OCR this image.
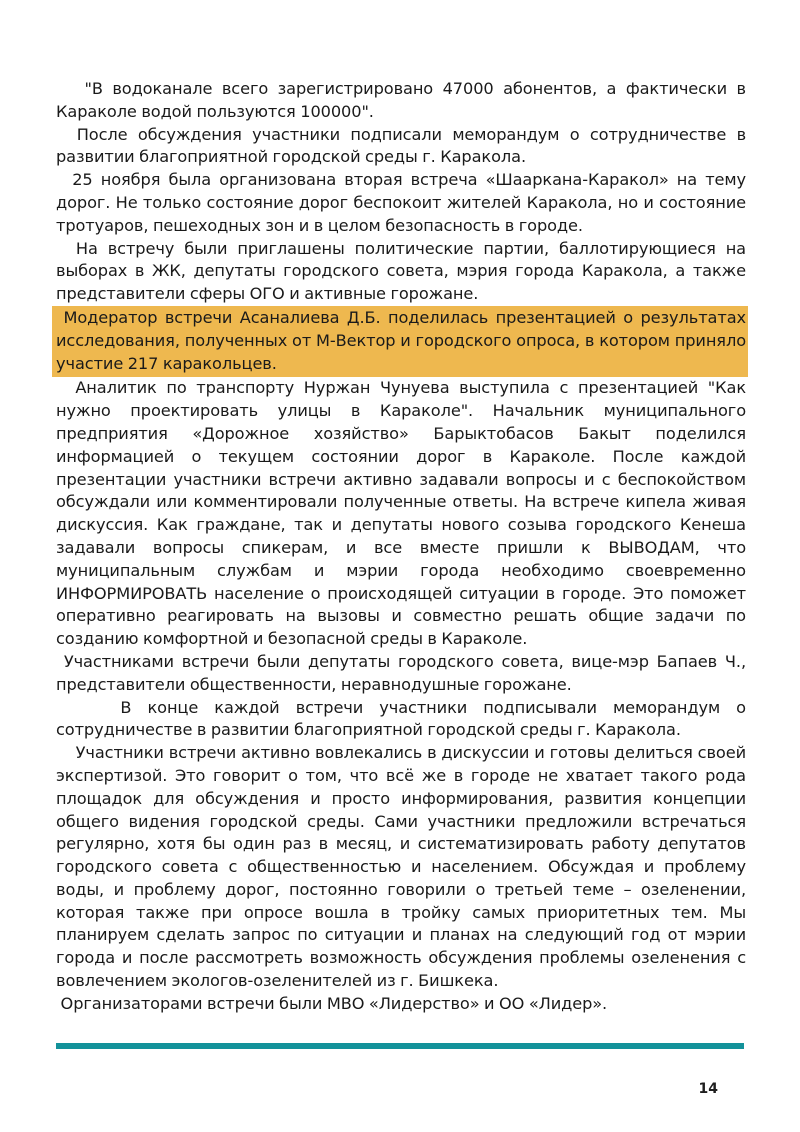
"В водоканале всего зарегистрировано 47000 абонентов, а фактически в Караколе водой пользуются 100000".

После обсуждения участники подписали меморандум о сотрудничестве в развитии благоприятной городской среды г. Каракола.

25 ноября была организована вторая встреча «Шааркана-Каракол» на тему дорог. Не только состояние дорог беспокоит жителей Каракола, но и состояние тротуаров, пешеходных зон и в целом безопасность в городе.

На встречу были приглашены политические партии, баллотирующиеся на выборах в ЖК, депутаты городского совета, мэрия города Каракола, а также представители сферы ОГО и активные горожане.

Модератор встречи Асаналиева Д.Б. поделилась презентацией о результатах исследования, полученных от М-Вектор и городского опроса, в котором приняло участие 217 каракольцев.

Аналитик по транспорту Нуржан Чунуева выступила с презентацией "Как нужно проектировать улицы в Караколе". Начальник муниципального предприятия «Дорожное хозяйство» Барыктобасов Бакыт поделился информацией о текущем состоянии дорог в Караколе. После каждой презентации участники встречи активно задавали вопросы и с беспокойством обсуждали или комментировали полученные ответы. На встрече кипела живая дискуссия. Как граждане, так и депутаты нового созыва городского Кенеша задавали вопросы спикерам, и все вместе пришли к ВЫВОДАМ, что муниципальным службам и мэрии города необходимо своевременно ИНФОРМИРОВАТЬ население о происходящей ситуации в городе. Это поможет оперативно реагировать на вызовы и совместно решать общие задачи по созданию комфортной и безопасной среды в Караколе.

Участниками встречи были депутаты городского совета, вице-мэр Бапаев Ч., представители общественности, неравнодушные горожане.

В конце каждой встречи участники подписывали меморандум о сотрудничестве в развитии благоприятной городской среды г. Каракола.

Участники встречи активно вовлекались в дискуссии и готовы делиться своей экспертизой. Это говорит о том, что всё же в городе не хватает такого рода площадок для обсуждения и просто информирования, развития концепции общего видения городской среды. Сами участники предложили встречаться регулярно, хотя бы один раз в месяц, и систематизировать работу депутатов городского совета с общественностью и населением. Обсуждая и проблему воды, и проблему дорог, постоянно говорили о третьей теме – озеленении, которая также при опросе вошла в тройку самых приоритетных тем. Мы планируем сделать запрос по ситуации и планах на следующий год от мэрии города и после рассмотреть возможность обсуждения проблемы озеленения с вовлечением экологов-озеленителей из г. Бишкека.

Организаторами встречи были МВО «Лидерство» и ОО «Лидер».

14
